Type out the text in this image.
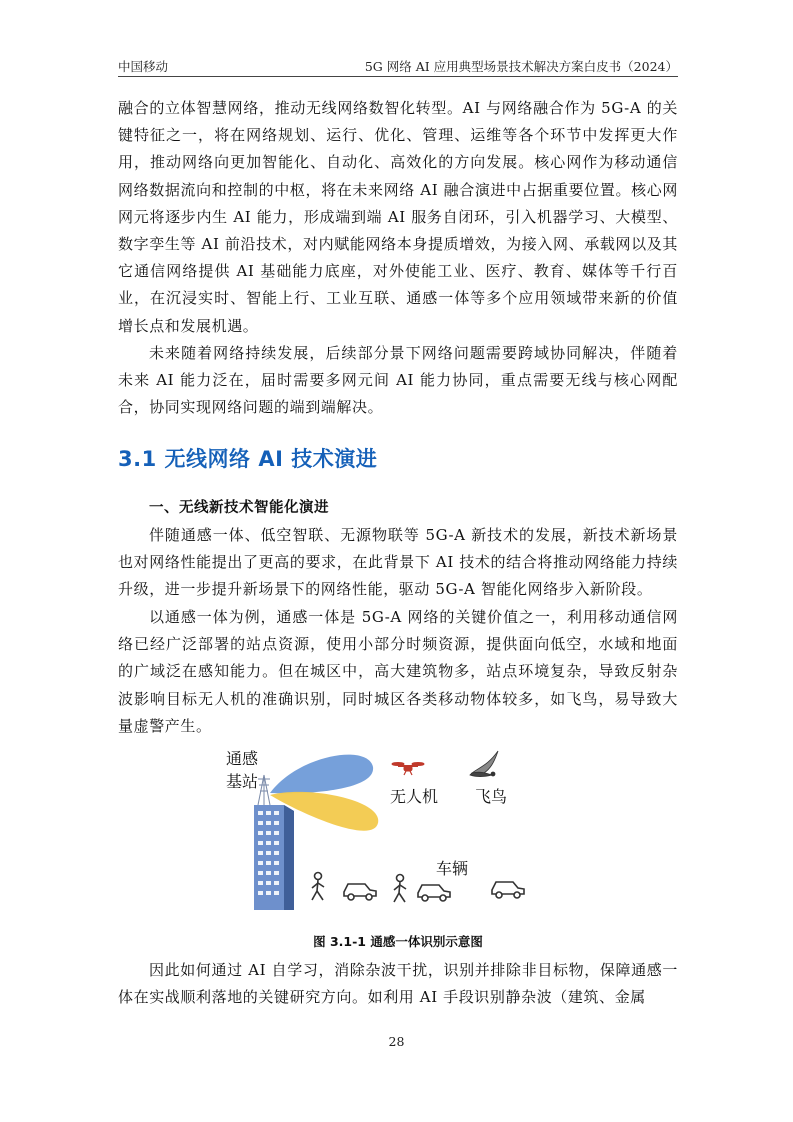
中国移动	5G 网络 AI 应用典型场景技术解决方案白皮书（2024）

融合的立体智慧网络，推动无线网络数智化转型。AI 与网络融合作为 5G-A 的关键特征之一，将在网络规划、运行、优化、管理、运维等各个环节中发挥更大作用，推动网络向更加智能化、自动化、高效化的方向发展。核心网作为移动通信网络数据流向和控制的中枢，将在未来网络 AI 融合演进中占据重要位置。核心网网元将逐步内生 AI 能力，形成端到端 AI 服务自闭环，引入机器学习、大模型、数字孪生等 AI 前沿技术，对内赋能网络本身提质增效，为接入网、承载网以及其它通信网络提供 AI 基础能力底座，对外使能工业、医疗、教育、媒体等千行百业，在沉浸实时、智能上行、工业互联、通感一体等多个应用领域带来新的价值增长点和发展机遇。

未来随着网络持续发展，后续部分景下网络问题需要跨域协同解决，伴随着未来 AI 能力泛在，届时需要多网元间 AI 能力协同，重点需要无线与核心网配合，协同实现网络问题的端到端解决。

3.1 无线网络 AI 技术演进
一、无线新技术智能化演进

伴随通感一体、低空智联、无源物联等 5G-A 新技术的发展，新技术新场景也对网络性能提出了更高的要求，在此背景下 AI 技术的结合将推动网络能力持续升级，进一步提升新场景下的网络性能，驱动 5G-A 智能化网络步入新阶段。

以通感一体为例，通感一体是 5G-A 网络的关键价值之一，利用移动通信网络已经广泛部署的站点资源，使用小部分时频资源，提供面向低空，水域和地面的广域泛在感知能力。但在城区中，高大建筑物多，站点环境复杂，导致反射杂波影响目标无人机的准确识别，同时城区各类移动物体较多，如飞鸟，易导致大量虚警产生。

通感
基站
无人机 飞鸟
车辆
图 3.1-1 通感一体识别示意图

因此如何通过 AI 自学习，消除杂波干扰，识别并排除非目标物，保障通感一体在实战顺利落地的关键研究方向。如利用 AI 手段识别静杂波（建筑、金属

28
